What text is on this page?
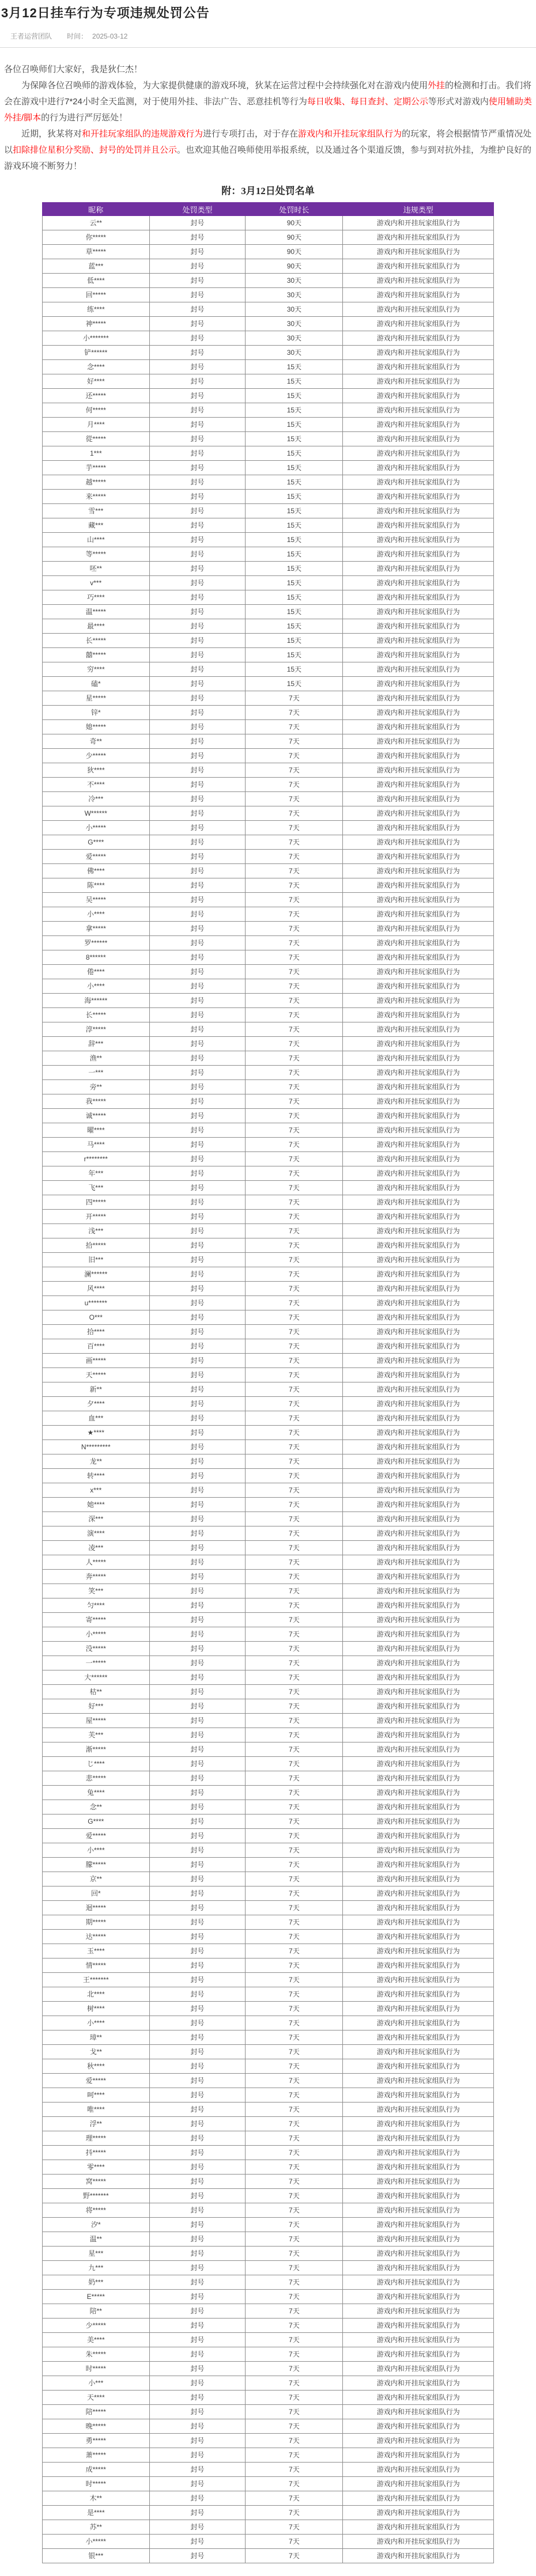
3月12日挂车行为专项违规处罚公告
王者运营团队 时间： 2025-03-12

各位召唤师们大家好，我是狄仁杰！

为保障各位召唤师的游戏体验，为大家提供健康的游戏环境，狄某在运营过程中会持续强化对在游戏内使用外挂的检测和打击。我们将会在游戏中进行7*24小时全天监测，对于使用外挂、非法广告、恶意挂机等行为每日收集、每日查封、定期公示等形式对游戏内使用辅助类外挂/脚本的行为进行严厉惩处！

近期，狄某将对和开挂玩家组队的违规游戏行为进行专项打击，对于存在游戏内和开挂玩家组队行为的玩家，将会根据情节严重情况处以扣除排位星积分奖励、封号的处罚并且公示。也欢迎其他召唤师使用举报系统，以及通过各个渠道反馈，参与到对抗外挂，为维护良好的游戏环境不断努力！

附：3月12日处罚名单
昵称	处罚类型	处罚时长	违规类型
云**	封号	90天	游戏内和开挂玩家组队行为
你*****	封号	90天	游戏内和开挂玩家组队行为
草*****	封号	90天	游戏内和开挂玩家组队行为
蓝***	封号	90天	游戏内和开挂玩家组队行为
低****	封号	30天	游戏内和开挂玩家组队行为
回*****	封号	30天	游戏内和开挂玩家组队行为
练****	封号	30天	游戏内和开挂玩家组队行为
神*****	封号	30天	游戏内和开挂玩家组队行为
小*******	封号	30天	游戏内和开挂玩家组队行为
铲******	封号	30天	游戏内和开挂玩家组队行为
念****	封号	15天	游戏内和开挂玩家组队行为
好****	封号	15天	游戏内和开挂玩家组队行为
还*****	封号	15天	游戏内和开挂玩家组队行为
何*****	封号	15天	游戏内和开挂玩家组队行为
月****	封号	15天	游戏内和开挂玩家组队行为
從*****	封号	15天	游戏内和开挂玩家组队行为
1***	封号	15天	游戏内和开挂玩家组队行为
芋*****	封号	15天	游戏内和开挂玩家组队行为
越*****	封号	15天	游戏内和开挂玩家组队行为
来*****	封号	15天	游戏内和开挂玩家组队行为
雪***	封号	15天	游戏内和开挂玩家组队行为
藏***	封号	15天	游戏内和开挂玩家组队行为
山****	封号	15天	游戏内和开挂玩家组队行为
等*****	封号	15天	游戏内和开挂玩家组队行为
呸**	封号	15天	游戏内和开挂玩家组队行为
v***	封号	15天	游戏内和开挂玩家组队行为
巧****	封号	15天	游戏内和开挂玩家组队行为
温*****	封号	15天	游戏内和开挂玩家组队行为
最****	封号	15天	游戏内和开挂玩家组队行为
长*****	封号	15天	游戏内和开挂玩家组队行为
囍*****	封号	15天	游戏内和开挂玩家组队行为
穷****	封号	15天	游戏内和开挂玩家组队行为
磕*	封号	15天	游戏内和开挂玩家组队行为
星*****	封号	7天	游戏内和开挂玩家组队行为
锌*	封号	7天	游戏内和开挂玩家组队行为
媳*****	封号	7天	游戏内和开挂玩家组队行为
奇**	封号	7天	游戏内和开挂玩家组队行为
少*****	封号	7天	游戏内和开挂玩家组队行为
狄****	封号	7天	游戏内和开挂玩家组队行为
不****	封号	7天	游戏内和开挂玩家组队行为
冷***	封号	7天	游戏内和开挂玩家组队行为
W******	封号	7天	游戏内和开挂玩家组队行为
小*****	封号	7天	游戏内和开挂玩家组队行为
G****	封号	7天	游戏内和开挂玩家组队行为
爱*****	封号	7天	游戏内和开挂玩家组队行为
佛****	封号	7天	游戏内和开挂玩家组队行为
陈****	封号	7天	游戏内和开挂玩家组队行为
吴*****	封号	7天	游戏内和开挂玩家组队行为
小****	封号	7天	游戏内和开挂玩家组队行为
拿*****	封号	7天	游戏内和开挂玩家组队行为
罗******	封号	7天	游戏内和开挂玩家组队行为
8******	封号	7天	游戏内和开挂玩家组队行为
倦****	封号	7天	游戏内和开挂玩家组队行为
小****	封号	7天	游戏内和开挂玩家组队行为
海******	封号	7天	游戏内和开挂玩家组队行为
长*****	封号	7天	游戏内和开挂玩家组队行为
淳*****	封号	7天	游戏内和开挂玩家组队行为
辞***	封号	7天	游戏内和开挂玩家组队行为
渔**	封号	7天	游戏内和开挂玩家组队行为
一***	封号	7天	游戏内和开挂玩家组队行为
旁**	封号	7天	游戏内和开挂玩家组队行为
我*****	封号	7天	游戏内和开挂玩家组队行为
诚*****	封号	7天	游戏内和开挂玩家组队行为
曜****	封号	7天	游戏内和开挂玩家组队行为
马****	封号	7天	游戏内和开挂玩家组队行为
r********	封号	7天	游戏内和开挂玩家组队行为
年***	封号	7天	游戏内和开挂玩家组队行为
飞***	封号	7天	游戏内和开挂玩家组队行为
四*****	封号	7天	游戏内和开挂玩家组队行为
开*****	封号	7天	游戏内和开挂玩家组队行为
浅***	封号	7天	游戏内和开挂玩家组队行为
拾*****	封号	7天	游戏内和开挂玩家组队行为
旧***	封号	7天	游戏内和开挂玩家组队行为
澜******	封号	7天	游戏内和开挂玩家组队行为
风****	封号	7天	游戏内和开挂玩家组队行为
u*******	封号	7天	游戏内和开挂玩家组队行为
O***	封号	7天	游戏内和开挂玩家组队行为
拾****	封号	7天	游戏内和开挂玩家组队行为
百****	封号	7天	游戏内和开挂玩家组队行为
画*****	封号	7天	游戏内和开挂玩家组队行为
天*****	封号	7天	游戏内和开挂玩家组队行为
新**	封号	7天	游戏内和开挂玩家组队行为
夕****	封号	7天	游戏内和开挂玩家组队行为
血***	封号	7天	游戏内和开挂玩家组队行为
★****	封号	7天	游戏内和开挂玩家组队行为
N*********	封号	7天	游戏内和开挂玩家组队行为
龙**	封号	7天	游戏内和开挂玩家组队行为
转****	封号	7天	游戏内和开挂玩家组队行为
x***	封号	7天	游戏内和开挂玩家组队行为
她****	封号	7天	游戏内和开挂玩家组队行为
深***	封号	7天	游戏内和开挂玩家组队行为
演****	封号	7天	游戏内和开挂玩家组队行为
凌***	封号	7天	游戏内和开挂玩家组队行为
人*****	封号	7天	游戏内和开挂玩家组队行为
奔*****	封号	7天	游戏内和开挂玩家组队行为
笑***	封号	7天	游戏内和开挂玩家组队行为
匀****	封号	7天	游戏内和开挂玩家组队行为
寄*****	封号	7天	游戏内和开挂玩家组队行为
小*****	封号	7天	游戏内和开挂玩家组队行为
没*****	封号	7天	游戏内和开挂玩家组队行为
一*****	封号	7天	游戏内和开挂玩家组队行为
大******	封号	7天	游戏内和开挂玩家组队行为
枯**	封号	7天	游戏内和开挂玩家组队行为
好***	封号	7天	游戏内和开挂玩家组队行为
屋*****	封号	7天	游戏内和开挂玩家组队行为
芙***	封号	7天	游戏内和开挂玩家组队行为
渐*****	封号	7天	游戏内和开挂玩家组队行为
じ****	封号	7天	游戏内和开挂玩家组队行为
悲*****	封号	7天	游戏内和开挂玩家组队行为
兔****	封号	7天	游戏内和开挂玩家组队行为
念**	封号	7天	游戏内和开挂玩家组队行为
G****	封号	7天	游戏内和开挂玩家组队行为
爱*****	封号	7天	游戏内和开挂玩家组队行为
小****	封号	7天	游戏内和开挂玩家组队行为
朦*****	封号	7天	游戏内和开挂玩家组队行为
京**	封号	7天	游戏内和开挂玩家组队行为
回*	封号	7天	游戏内和开挂玩家组队行为
迴*****	封号	7天	游戏内和开挂玩家组队行为
期*****	封号	7天	游戏内和开挂玩家组队行为
达*****	封号	7天	游戏内和开挂玩家组队行为
玉****	封号	7天	游戏内和开挂玩家组队行为
情*****	封号	7天	游戏内和开挂玩家组队行为
王*******	封号	7天	游戏内和开挂玩家组队行为
北****	封号	7天	游戏内和开挂玩家组队行为
树****	封号	7天	游戏内和开挂玩家组队行为
小****	封号	7天	游戏内和开挂玩家组队行为
璋**	封号	7天	游戏内和开挂玩家组队行为
戈**	封号	7天	游戏内和开挂玩家组队行为
秋****	封号	7天	游戏内和开挂玩家组队行为
爱*****	封号	7天	游戏内和开挂玩家组队行为
呵****	封号	7天	游戏内和开挂玩家组队行为
唯****	封号	7天	游戏内和开挂玩家组队行为
浮**	封号	7天	游戏内和开挂玩家组队行为
理*****	封号	7天	游戏内和开挂玩家组队行为
抖*****	封号	7天	游戏内和开挂玩家组队行为
零****	封号	7天	游戏内和开挂玩家组队行为
窝*****	封号	7天	游戏内和开挂玩家组队行为
野*******	封号	7天	游戏内和开挂玩家组队行为
将*****	封号	7天	游戏内和开挂玩家组队行为
汐*	封号	7天	游戏内和开挂玩家组队行为
温**	封号	7天	游戏内和开挂玩家组队行为
星***	封号	7天	游戏内和开挂玩家组队行为
九***	封号	7天	游戏内和开挂玩家组队行为
奶***	封号	7天	游戏内和开挂玩家组队行为
E*****	封号	7天	游戏内和开挂玩家组队行为
陪**	封号	7天	游戏内和开挂玩家组队行为
少*****	封号	7天	游戏内和开挂玩家组队行为
美****	封号	7天	游戏内和开挂玩家组队行为
朱*****	封号	7天	游戏内和开挂玩家组队行为
时*****	封号	7天	游戏内和开挂玩家组队行为
小***	封号	7天	游戏内和开挂玩家组队行为
天****	封号	7天	游戏内和开挂玩家组队行为
陪*****	封号	7天	游戏内和开挂玩家组队行为
晚*****	封号	7天	游戏内和开挂玩家组队行为
勇*****	封号	7天	游戏内和开挂玩家组队行为
萧*****	封号	7天	游戏内和开挂玩家组队行为
成*****	封号	7天	游戏内和开挂玩家组队行为
时*****	封号	7天	游戏内和开挂玩家组队行为
木**	封号	7天	游戏内和开挂玩家组队行为
是****	封号	7天	游戏内和开挂玩家组队行为
苏**	封号	7天	游戏内和开挂玩家组队行为
小*****	封号	7天	游戏内和开挂玩家组队行为
银***	封号	7天	游戏内和开挂玩家组队行为
